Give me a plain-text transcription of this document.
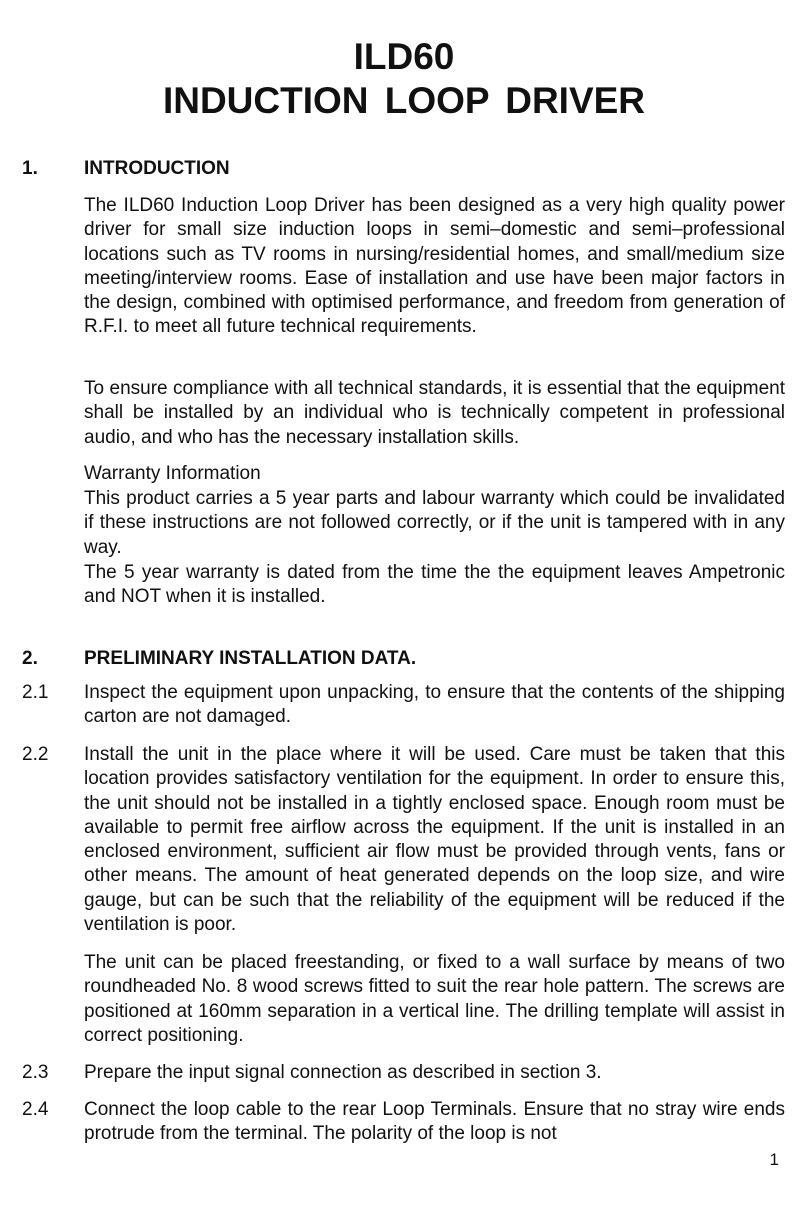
ILD60
INDUCTION LOOP DRIVER
1. INTRODUCTION

The ILD60 Induction Loop Driver has been designed as a very high quality power driver for small size induction loops in semi–domestic and semi–professional locations such as TV rooms in nursing/residential homes, and small/medium size meeting/interview rooms. Ease of installation and use have been major factors in the design, combined with optimised performance, and freedom from generation of R.F.I. to meet all future technical requirements.

To ensure compliance with all technical standards, it is essential that the equipment shall be installed by an individual who is technically competent in professional audio, and who has the necessary installation skills.

Warranty Information

This product carries a 5 year parts and labour warranty which could be invalidated if these instructions are not followed correctly, or if the unit is tampered with in any way.

The 5 year warranty is dated from the time the the equipment leaves Ampetronic and NOT when it is installed.

2. PRELIMINARY INSTALLATION DATA.
2.1 Inspect the equipment upon unpacking, to ensure that the contents of the shipping carton are not damaged.

2.2 Install the unit in the place where it will be used. Care must be taken that this location provides satisfactory ventilation for the equipment. In order to ensure this, the unit should not be installed in a tightly enclosed space. Enough room must be available to permit free airflow across the equipment. If the unit is installed in an enclosed environment, sufficient air flow must be provided through vents, fans or other means. The amount of heat generated depends on the loop size, and wire gauge, but can be such that the reliability of the equipment will be reduced if the ventilation is poor.

The unit can be placed freestanding, or fixed to a wall surface by means of two roundheaded No. 8 wood screws fitted to suit the rear hole pattern. The screws are positioned at 160mm separation in a vertical line. The drilling template will assist in correct positioning.

2.3 Prepare the input signal connection as described in section 3.

2.4 Connect the loop cable to the rear Loop Terminals. Ensure that no stray wire ends protrude from the terminal. The polarity of the loop is not

1
